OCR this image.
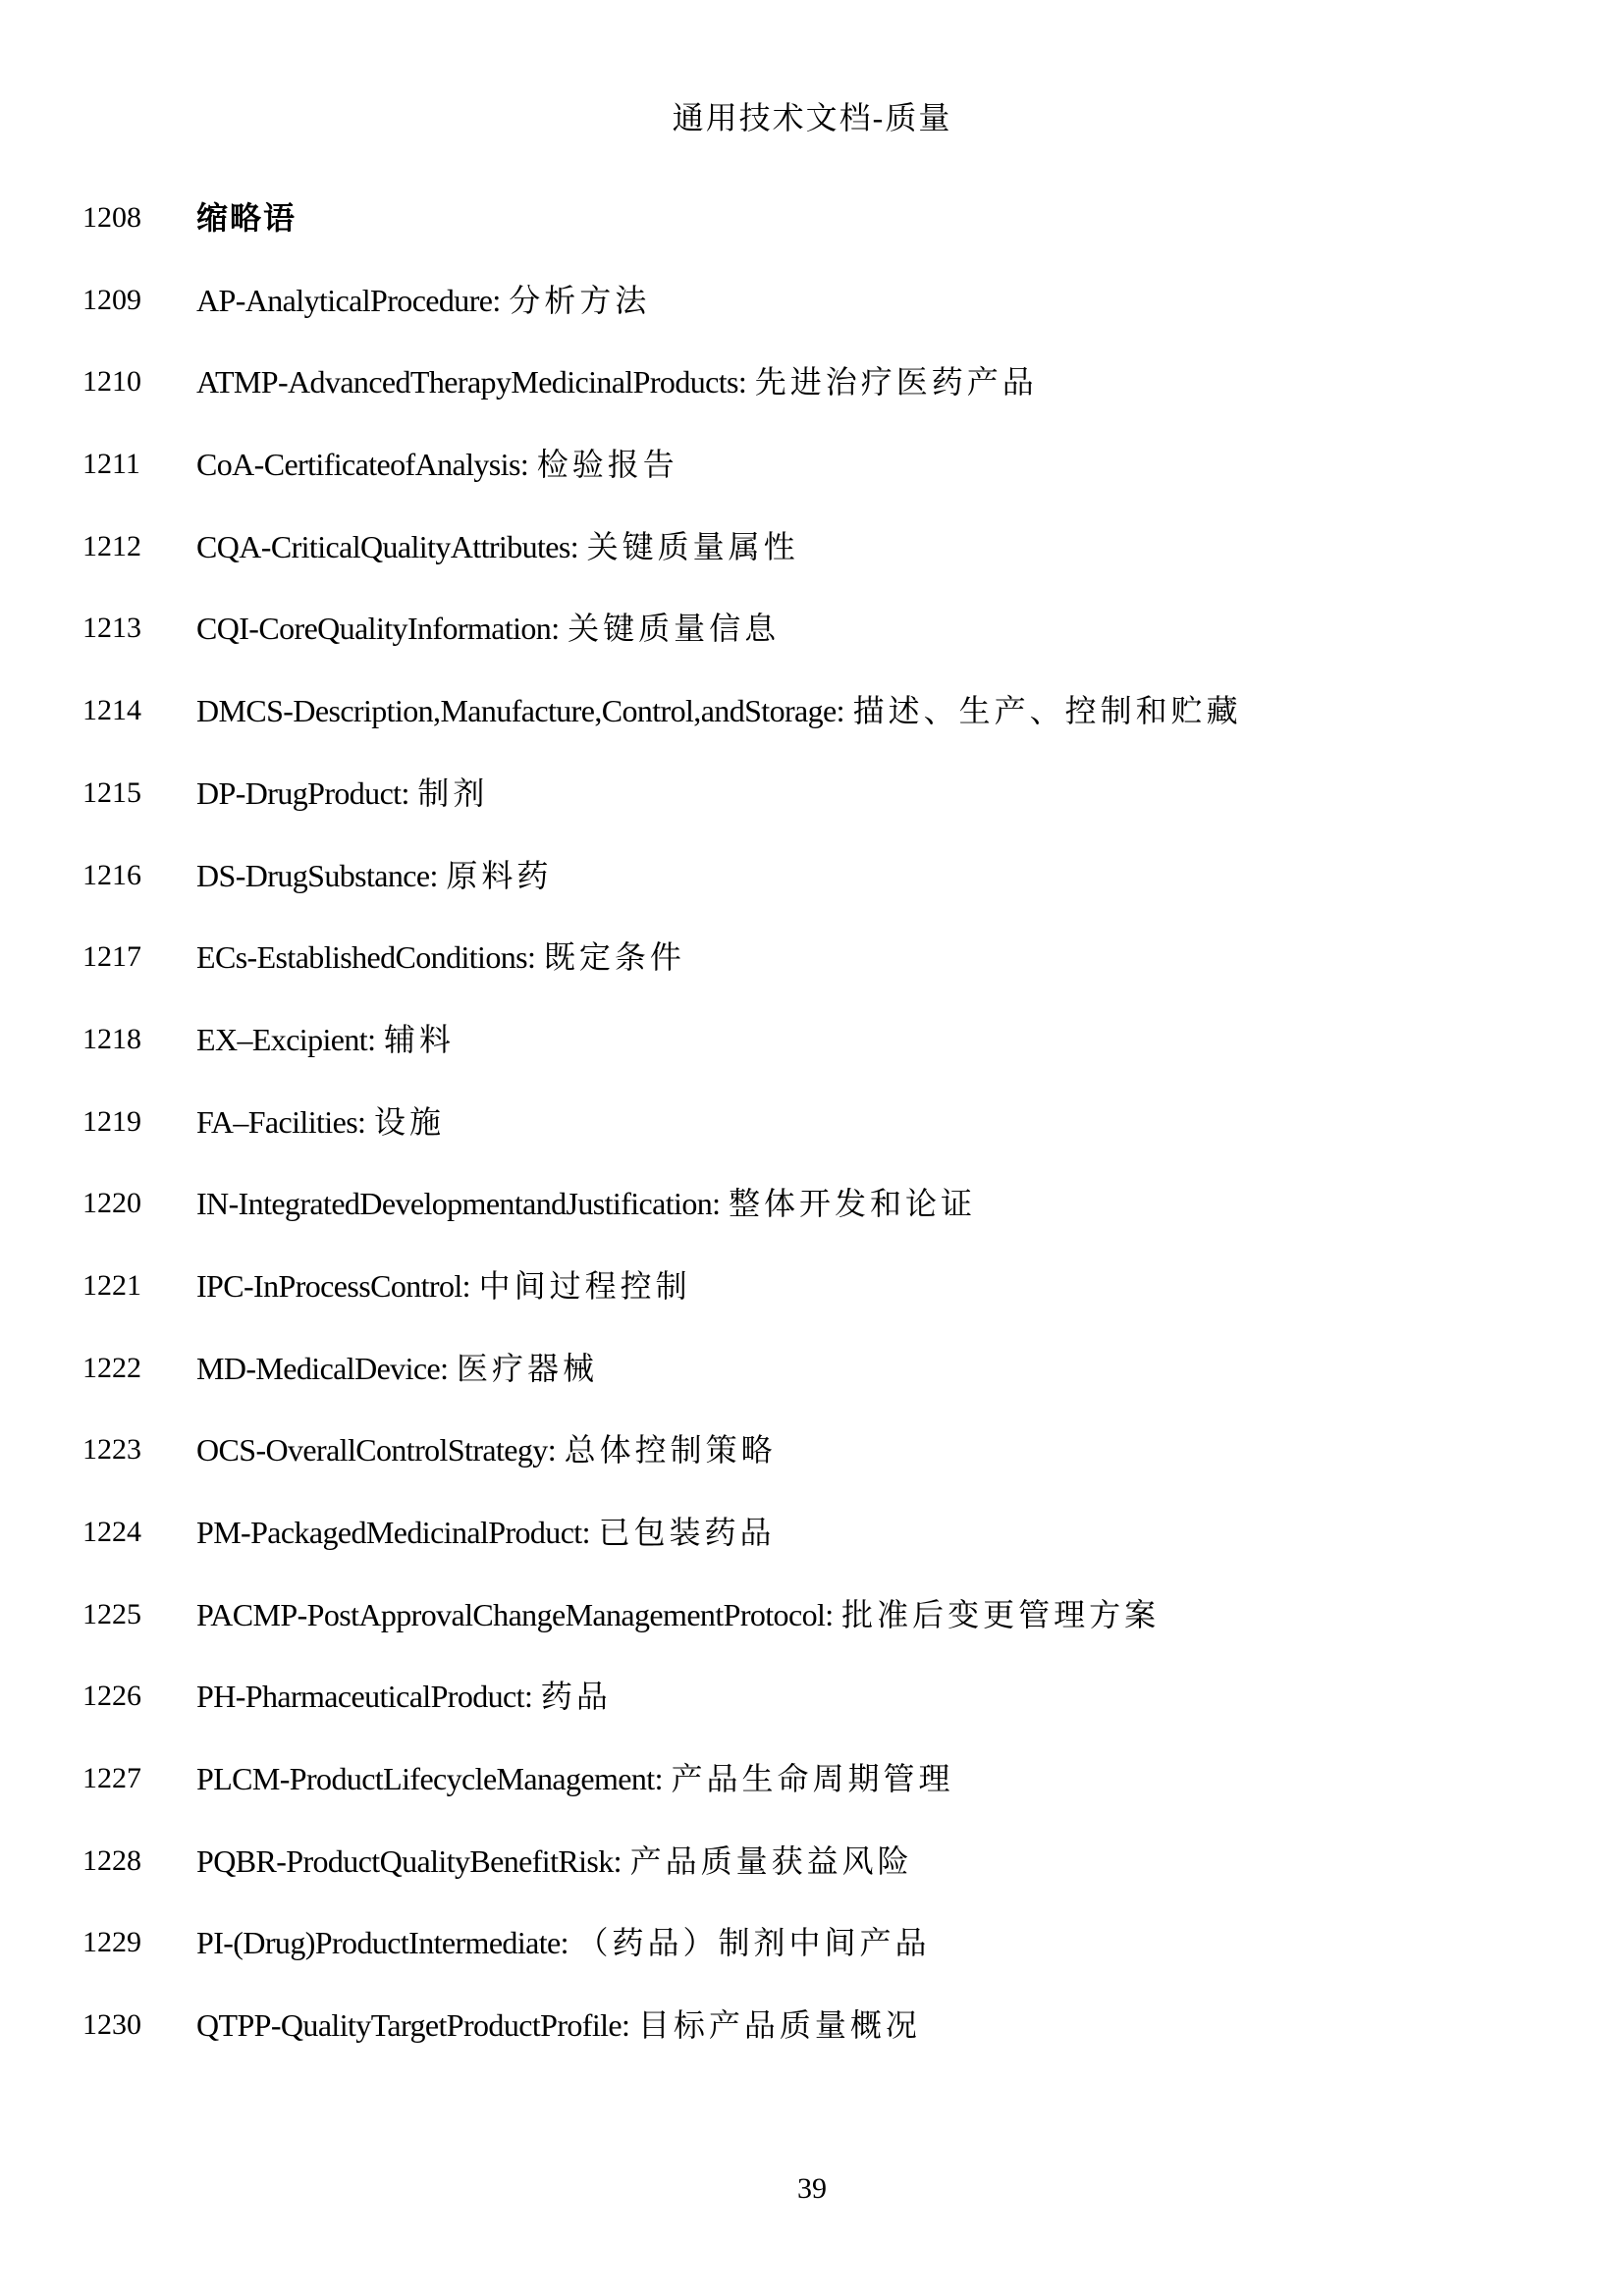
通用技术文档-质量
1208	缩略语
1209	AP-AnalyticalProcedure: 分析方法
1210	ATMP-AdvancedTherapyMedicinalProducts: 先进治疗医药产品
1211	CoA-CertificateofAnalysis: 检验报告
1212	CQA-CriticalQualityAttributes: 关键质量属性
1213	CQI-CoreQualityInformation: 关键质量信息
1214	DMCS-Description,Manufacture,Control,andStorage: 描述、生产、控制和贮藏
1215	DP-DrugProduct: 制剂
1216	DS-DrugSubstance: 原料药
1217	ECs-EstablishedConditions: 既定条件
1218	EX–Excipient: 辅料
1219	FA–Facilities: 设施
1220	IN-IntegratedDevelopmentandJustification: 整体开发和论证
1221	IPC-InProcessControl: 中间过程控制
1222	MD-MedicalDevice: 医疗器械
1223	OCS-OverallControlStrategy: 总体控制策略
1224	PM-PackagedMedicinalProduct: 已包装药品
1225	PACMP-PostApprovalChangeManagementProtocol: 批准后变更管理方案
1226	PH-PharmaceuticalProduct: 药品
1227	PLCM-ProductLifecycleManagement: 产品生命周期管理
1228	PQBR-ProductQualityBenefitRisk: 产品质量获益风险
1229	PI-(Drug)ProductIntermediate: （药品）制剂中间产品
1230	QTPP-QualityTargetProductProfile: 目标产品质量概况
39
